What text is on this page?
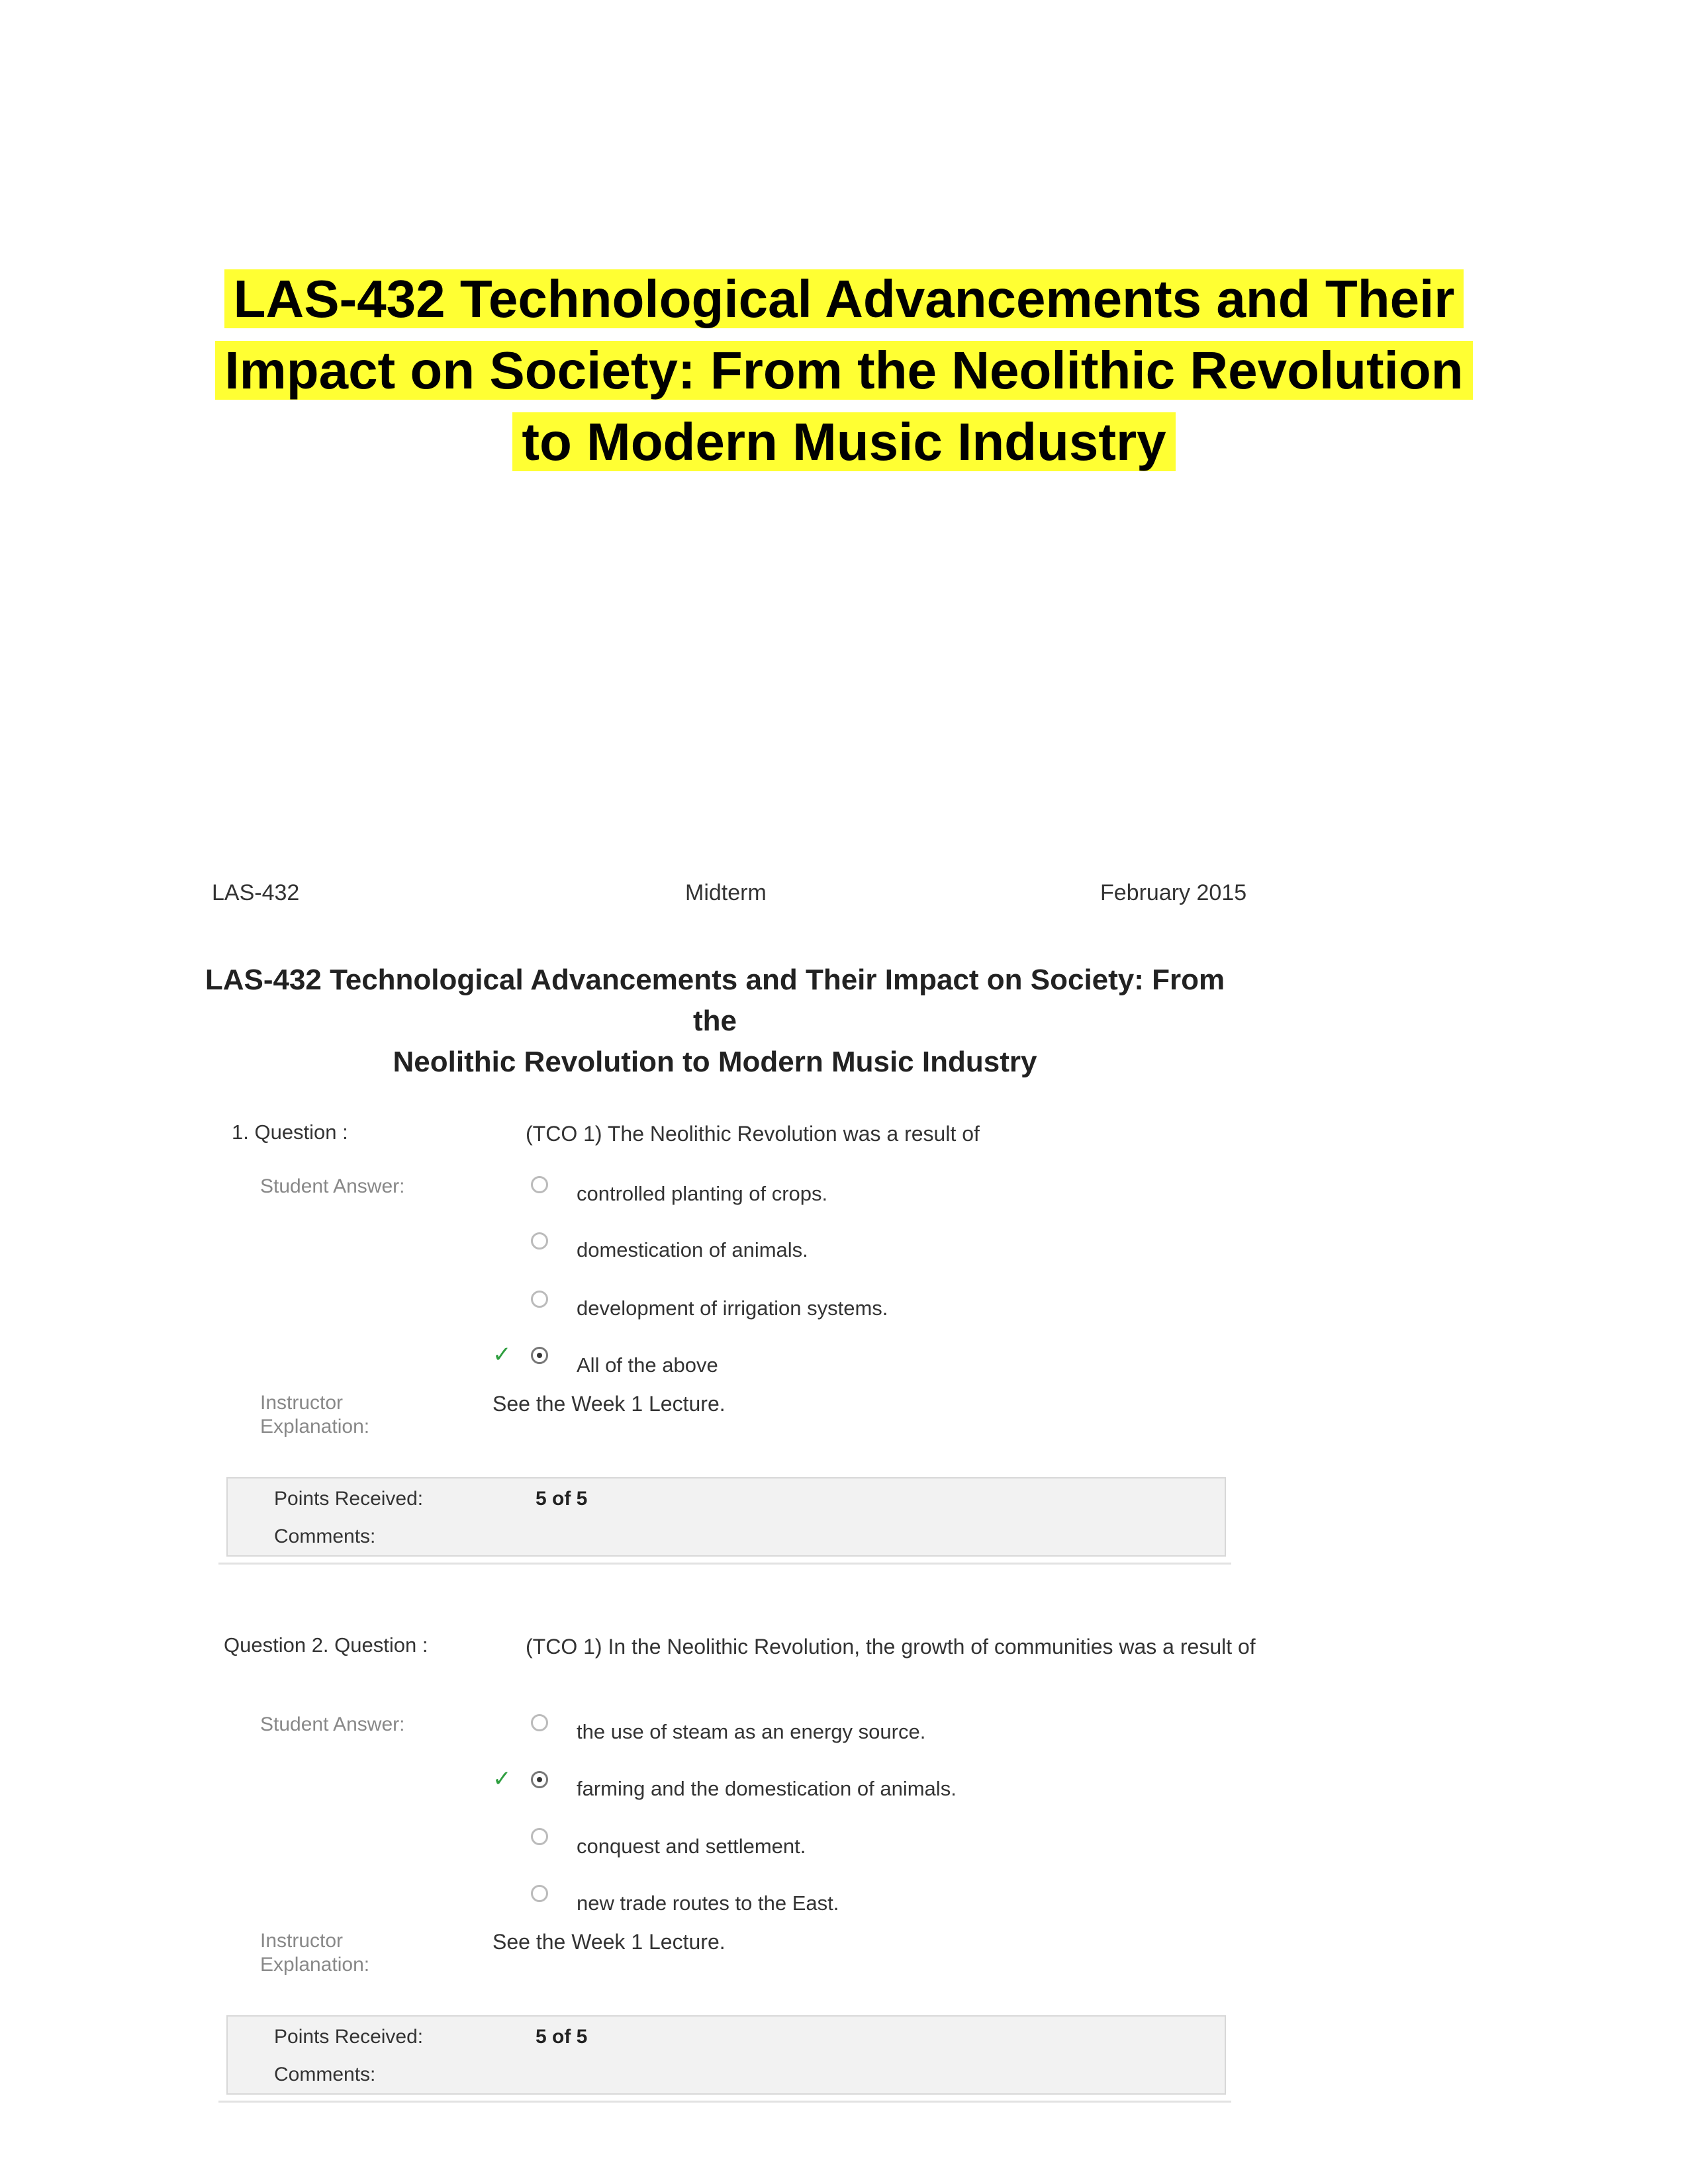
LAS-432 Technological Advancements and Their
Impact on Society: From the Neolithic Revolution
to Modern Music Industry
LAS-432	Midterm	February 2015
LAS-432 Technological Advancements and Their Impact on Society: From the
Neolithic Revolution to Modern Music Industry
1. Question :	(TCO 1) The Neolithic Revolution was a result of
Student Answer:	controlled planting of crops.
domestication of animals.
development of irrigation systems.
✓	All of the above
Instructor
Explanation:
See the Week 1 Lecture.
Points Received:	5 of 5
Comments:
Question 2. Question :	(TCO 1) In the Neolithic Revolution, the growth of communities was a result of
Student Answer:	the use of steam as an energy source.
✓	farming and the domestication of animals.
conquest and settlement.
new trade routes to the East.
Instructor
Explanation:
See the Week 1 Lecture.
Points Received:	5 of 5
Comments:
